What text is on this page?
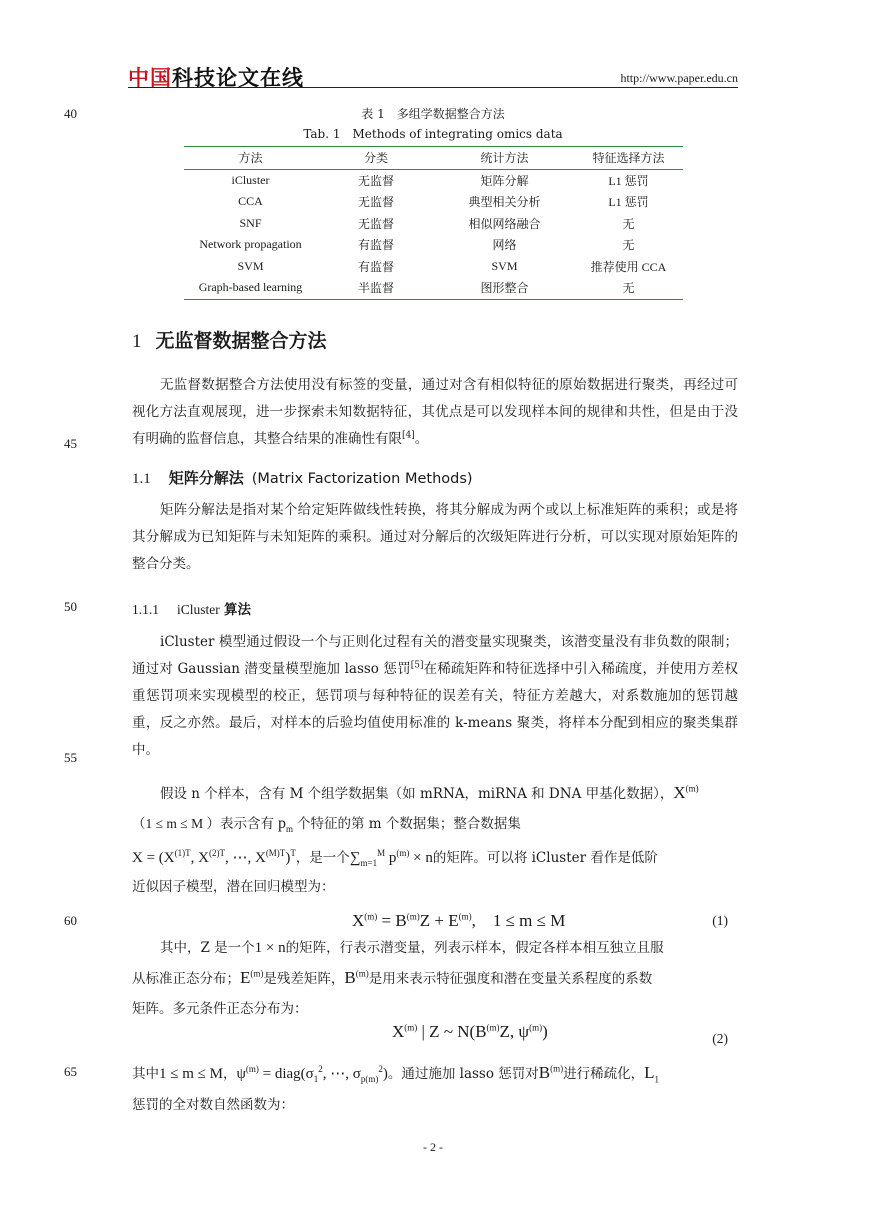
中国科技论文在线	http://www.paper.edu.cn
40
45
50
55
60
65
表 1　多组学数据整合方法
Tab. 1　Methods of integrating omics data
方法	分类	统计方法	特征选择方法
iCluster	无监督	矩阵分解	L1 惩罚
CCA	无监督	典型相关分析	L1 惩罚
SNF	无监督	相似网络融合	无
Network propagation	有监督	网络	无
SVM	有监督	SVM	推荐使用 CCA
Graph-based learning	半监督	图形整合	无
1 无监督数据整合方法

无监督数据整合方法使用没有标签的变量，通过对含有相似特征的原始数据进行聚类，再经过可视化方法直观展现，进一步探索未知数据特征，其优点是可以发现样本间的规律和共性，但是由于没有明确的监督信息，其整合结果的准确性有限[4]。

1.1 矩阵分解法 (Matrix Factorization Methods)

矩阵分解法是指对某个给定矩阵做线性转换，将其分解成为两个或以上标准矩阵的乘积；或是将其分解成为已知矩阵与未知矩阵的乘积。通过对分解后的次级矩阵进行分析，可以实现对原始矩阵的整合分类。

1.1.1 iCluster 算法

iCluster 模型通过假设一个与正则化过程有关的潜变量实现聚类，该潜变量没有非负数的限制；通过对 Gaussian 潜变量模型施加 lasso 惩罚[5]在稀疏矩阵和特征选择中引入稀疏度，并使用方差权重惩罚项来实现模型的校正，惩罚项与每种特征的误差有关，特征方差越大，对系数施加的惩罚越重，反之亦然。最后，对样本的后验均值使用标准的 k-means 聚类，将样本分配到相应的聚类集群中。

假设 n 个样本，含有 M 个组学数据集（如 mRNA，miRNA 和 DNA 甲基化数据），$X^{(m)}$
（1 ≤ m ≤ M ）表示含有 $p_m$ 个特征的第 m 个数据集；整合数据集
$X = (X^{(1)T}$, $X^{(2)T}$, ⋯, $X^{(M)T})^T$，是一个$\sum_{m=1}^M$ $p^{(m)} \times n$的矩阵。可以将 iCluster 看作是低阶
近似因子模型，潜在回归模型为：
$X^{(m)} = B^{(m)}Z + E^{(m)}$,　1 ≤ m ≤ M	(1)
其中，Z 是一个1 × n的矩阵，行表示潜变量，列表示样本，假定各样本相互独立且服
从标准正态分布；$E^{(m)}$是残差矩阵，$B^{(m)}$是用来表示特征强度和潜在变量关系程度的系数
矩阵。多元条件正态分布为：
$X^{(m)}$ | Z ~ $N(B^{(m)}Z$, $\psi^{(m)}$)	(2)
其中1 ≤ m ≤ M，$\psi^{(m)}$ = $diag(\sigma_1^2$, ⋯, $\sigma_{p(m)}^2$)。通过施加 lasso 惩罚对$B^{(m)}$进行稀疏化，$L_1$
惩罚的全对数自然函数为：
- 2 -
